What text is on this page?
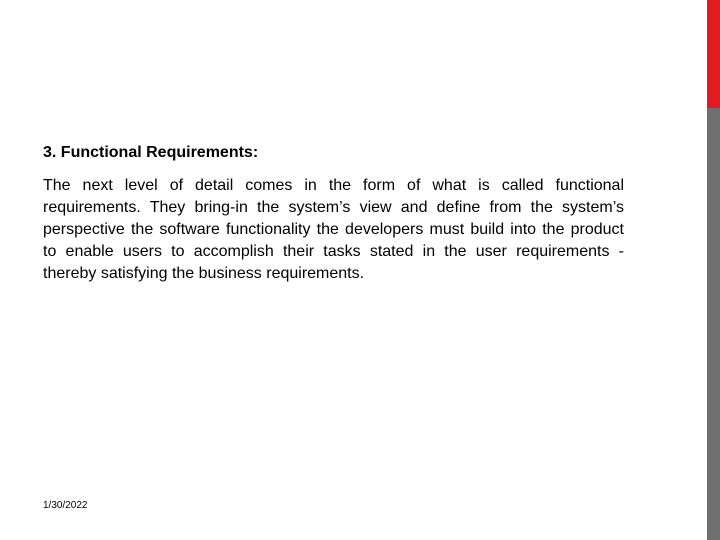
3. Functional Requirements:

The next level of detail comes in the form of what is called functional requirements. They bring-in the system’s view and define from the system’s perspective the software functionality the developers must build into the product to enable users to accomplish their tasks stated in the user requirements - thereby satisfying the business requirements.

1/30/2022
